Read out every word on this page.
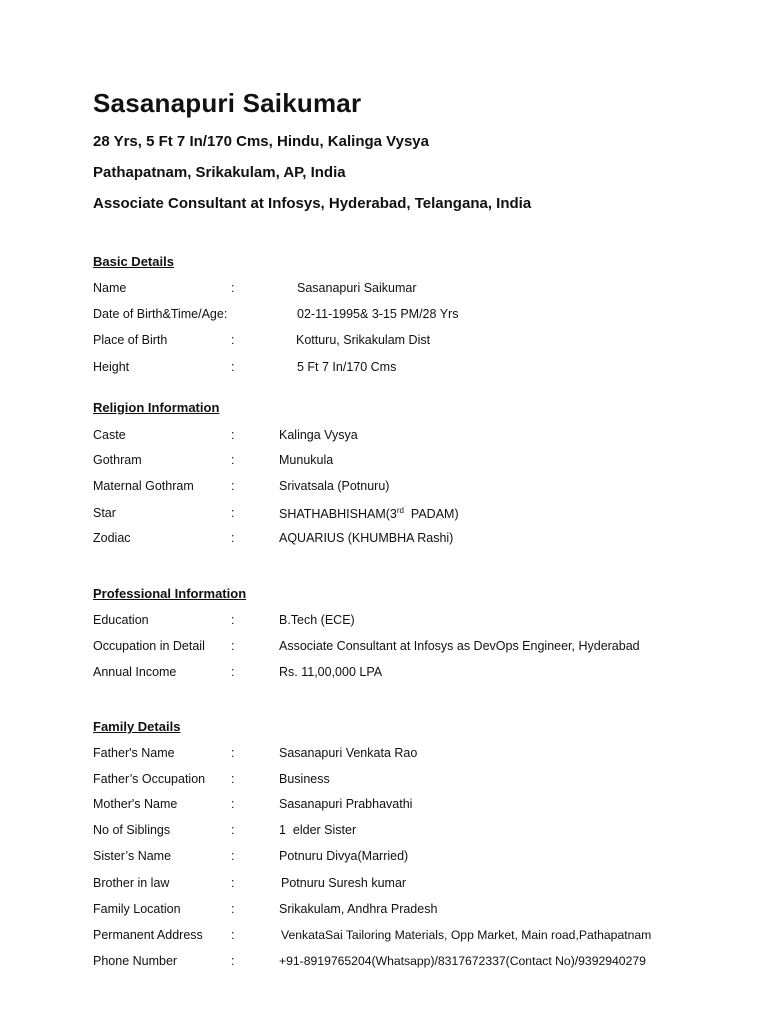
Sasanapuri Saikumar
28 Yrs, 5 Ft 7 In/170 Cms, Hindu, Kalinga Vysya
Pathapatnam, Srikakulam, AP, India
Associate Consultant at Infosys, Hyderabad, Telangana, India
Basic Details
Name	:	Sasanapuri Saikumar
Date of Birth&Time/Age:	02-11-1995& 3-15 PM/28 Yrs
Place of Birth	:	Kotturu, Srikakulam Dist
Height	:	5 Ft 7 In/170 Cms
Religion Information
Caste	:	Kalinga Vysya
Gothram	:	Munukula
Maternal Gothram	:	Srivatsala (Potnuru)
Star	:	SHATHABHISHAM(3rd  PADAM)
Zodiac	:	AQUARIUS (KHUMBHA Rashi)
Professional Information
Education	:	B.Tech (ECE)
Occupation in Detail :	Associate Consultant at Infosys as DevOps Engineer, Hyderabad
Annual Income	:	Rs. 11,00,000 LPA
Family Details
Father's Name	:	Sasanapuri Venkata Rao
Father’s Occupation :	Business
Mother's Name	:	Sasanapuri Prabhavathi
No of Siblings	:	1  elder Sister
Sister’s Name	:	Potnuru Divya(Married)
Brother in law	:	Potnuru Suresh kumar
Family Location	:	Srikakulam, Andhra Pradesh
Permanent Address :	VenkataSai Tailoring Materials, Opp Market, Main road,Pathapatnam
Phone Number	:	+91-8919765204(Whatsapp)/8317672337(Contact No)/9392940279
